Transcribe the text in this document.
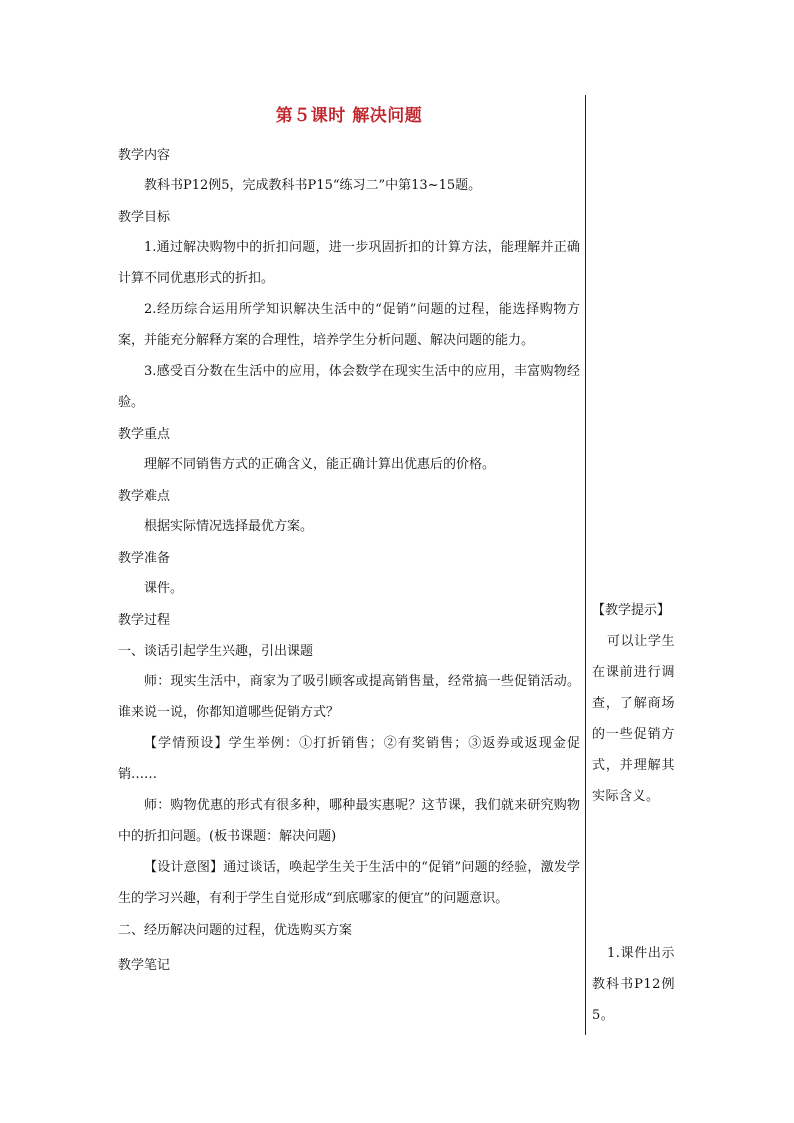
第５课时 解决问题
教学内容
教科书P12例5，完成教科书P15“练习二”中第13~15题。
教学目标
1.通过解决购物中的折扣问题，进一步巩固折扣的计算方法，能理解并正确计算不同优惠形式的折扣。
2.经历综合运用所学知识解决生活中的“促销”问题的过程，能选择购物方案，并能充分解释方案的合理性，培养学生分析问题、解决问题的能力。
3.感受百分数在生活中的应用，体会数学在现实生活中的应用，丰富购物经验。
教学重点
理解不同销售方式的正确含义，能正确计算出优惠后的价格。
教学难点
根据实际情况选择最优方案。
教学准备
课件。
教学过程
一、谈话引起学生兴趣，引出课题
师：现实生活中，商家为了吸引顾客或提高销售量，经常搞一些促销活动。谁来说一说，你都知道哪些促销方式？
【学情预设】学生举例：①打折销售；②有奖销售；③返券或返现金促销……
师：购物优惠的形式有很多种，哪种最实惠呢？这节课，我们就来研究购物中的折扣问题。(板书课题：解决问题)
【设计意图】通过谈话，唤起学生关于生活中的“促销”问题的经验，激发学生的学习兴趣，有利于学生自觉形成“到底哪家的便宜”的问题意识。
二、经历解决问题的过程，优选购买方案
教学笔记
【教学提示】
可以让学生在课前进行调查，了解商场的一些促销方式，并理解其实际含义。
1.课件出示教科书P12例5。
